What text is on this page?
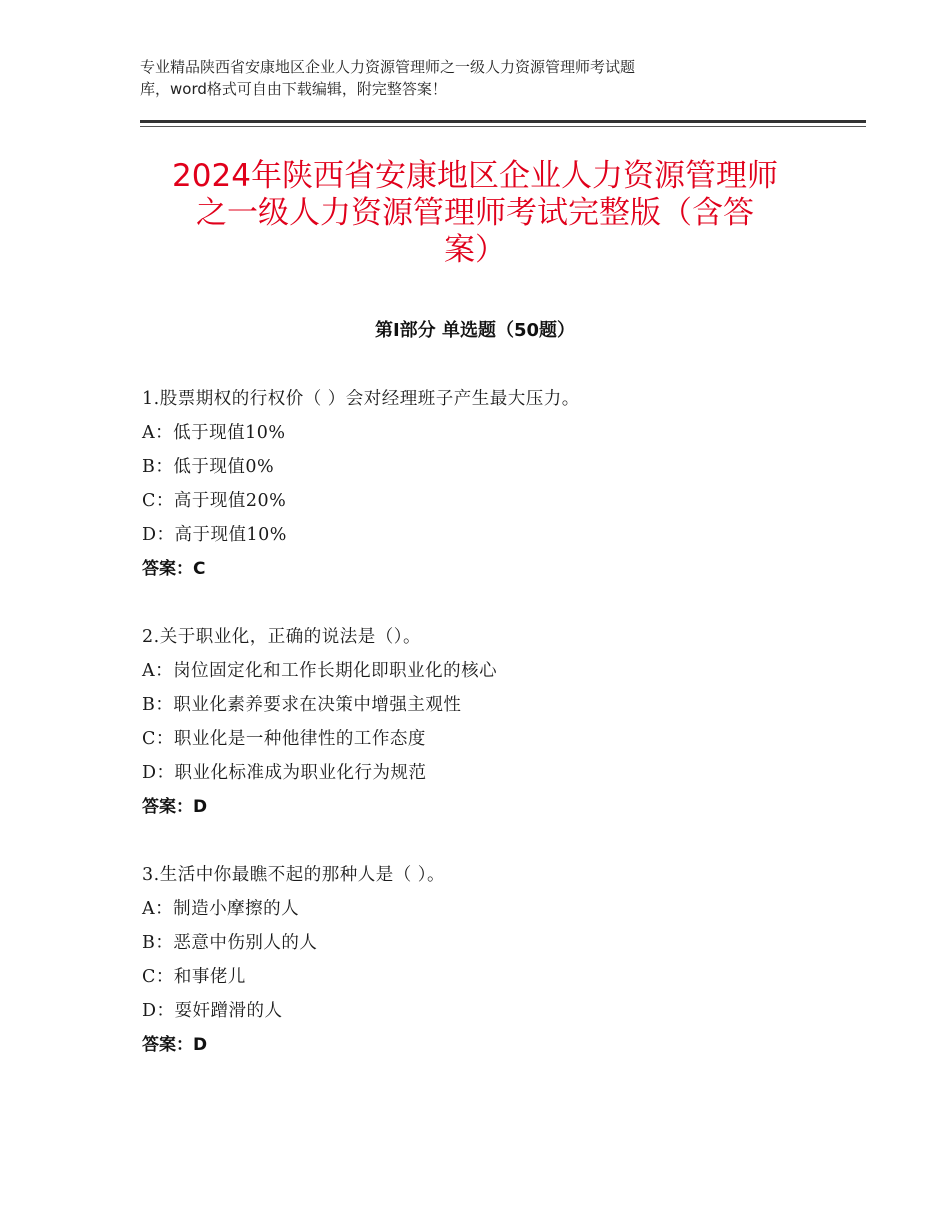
专业精品陕西省安康地区企业人力资源管理师之一级人力资源管理师考试题
库，word格式可自由下载编辑，附完整答案！
2024年陕西省安康地区企业人力资源管理师
之一级人力资源管理师考试完整版（含答
案）
第Ⅰ部分 单选题（50题）
1.股票期权的行权价（ ）会对经理班子产生最大压力。
A：低于现值10%
B：低于现值0%
C：高于现值20%
D：高于现值10%
答案：C
2.关于职业化，正确的说法是（）。
A：岗位固定化和工作长期化即职业化的核心
B：职业化素养要求在决策中增强主观性
C：职业化是一种他律性的工作态度
D：职业化标准成为职业化行为规范
答案：D
3.生活中你最瞧不起的那种人是（ ）。
A：制造小摩擦的人
B：恶意中伤别人的人
C：和事佬儿
D：耍奸蹭滑的人
答案：D
